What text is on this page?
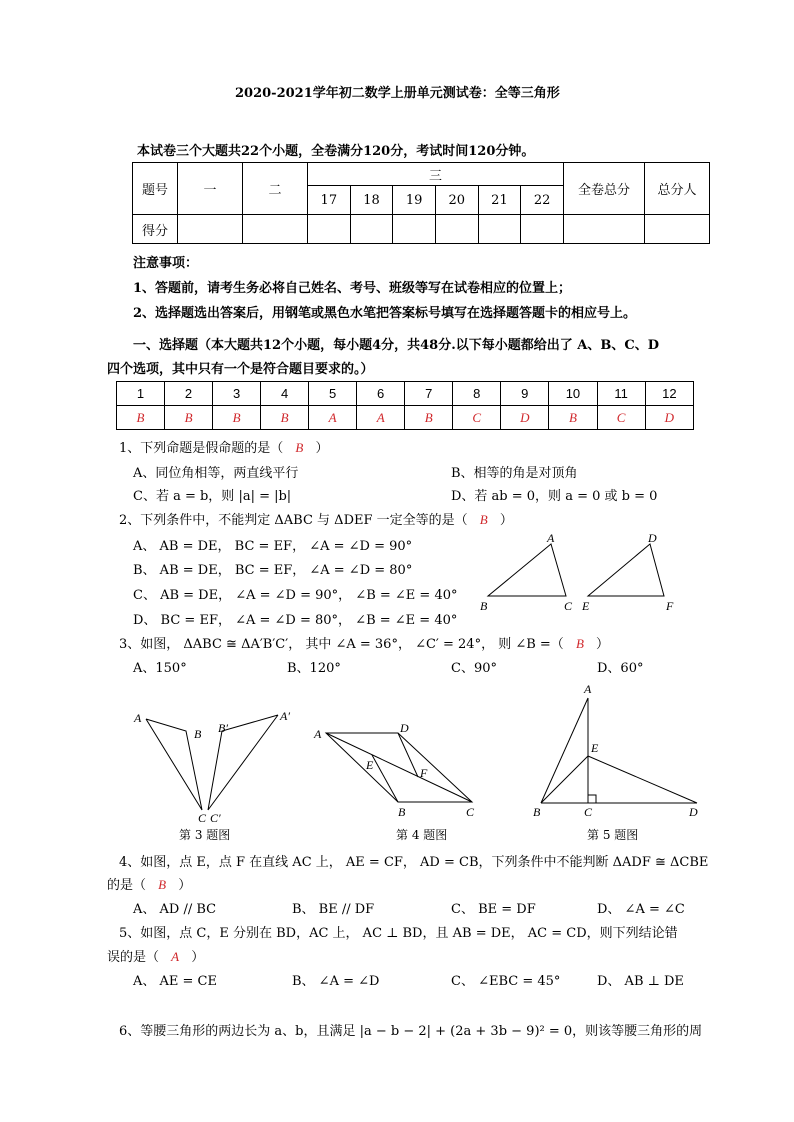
2020-2021学年初二数学上册单元测试卷：全等三角形
本试卷三个大题共22个小题，全卷满分120分，考试时间120分钟。
题号	一	二	三						全卷总分	总分人
			17	18	19	20	21	22		
得分										
注意事项：
1、答题前，请考生务必将自己姓名、考号、班级等写在试卷相应的位置上；
2、选择题选出答案后，用钢笔或黑色水笔把答案标号填写在选择题答题卡的相应号上。
一、选择题（本大题共12个小题，每小题4分，共48分.以下每小题都给出了 A、B、C、D
四个选项，其中只有一个是符合题目要求的。）
1	2	3	4	5	6	7	8	9	10	11	12
B	B	B	B	A	A	B	C	D	B	C	D
1、下列命题是假命题的是（ B ）
A、同位角相等，两直线平行	B、相等的角是对顶角
C、若 a = b，则 |a| = |b|	D、若 ab = 0，则 a = 0 或 b = 0
2、下列条件中，不能判定 ΔABC 与 ΔDEF 一定全等的是（ B ）
A、 AB = DE， BC = EF， ∠A = ∠D = 90°
B、 AB = DE， BC = EF， ∠A = ∠D = 80°
C、 AB = DE， ∠A = ∠D = 90°， ∠B = ∠E = 40°
D、 BC = EF， ∠A = ∠D = 80°， ∠B = ∠E = 40°
A
B	C
D
E	F
3、如图， ΔABC ≅ ΔA′B′C′， 其中 ∠A = 36°， ∠C′ = 24°， 则 ∠B =（ B ）
A、150°	B、120°	C、90°	D、60°
A
B
C
A′
B′
C′
第 3 题图
A	D
E
F
B	C
第 4 题图
A
E
B	C	D
第 5 题图
4、如图，点 E，点 F 在直线 AC 上， AE = CF， AD = CB，下列条件中不能判断 ΔADF ≅ ΔCBE
的是（ B ）
A、 AD // BC	B、 BE // DF	C、 BE = DF	D、 ∠A = ∠C
5、如图，点 C，E 分别在 BD，AC 上， AC ⊥ BD，且 AB = DE， AC = CD，则下列结论错
误的是（ A ）
A、 AE = CE	B、 ∠A = ∠D	C、 ∠EBC = 45°	D、 AB ⊥ DE
6、等腰三角形的两边长为 a、b，且满足 |a − b − 2| + (2a + 3b − 9)² = 0，则该等腰三角形的周
